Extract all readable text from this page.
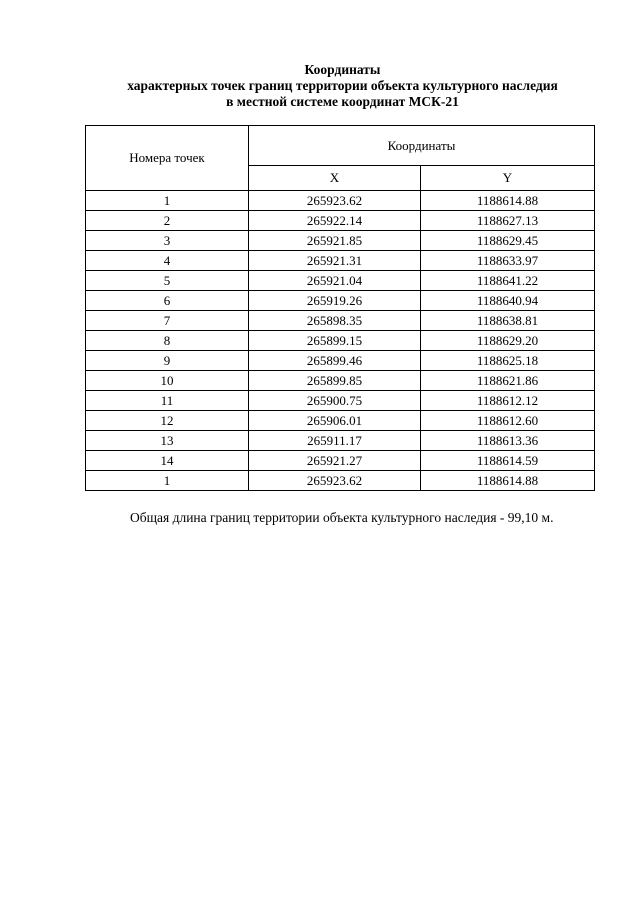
Координаты
характерных точек границ территории объекта культурного наследия
в местной системе координат МСК-21
Номера точек	Координаты	
	X	Y
1	265923.62	1188614.88
2	265922.14	1188627.13
3	265921.85	1188629.45
4	265921.31	1188633.97
5	265921.04	1188641.22
6	265919.26	1188640.94
7	265898.35	1188638.81
8	265899.15	1188629.20
9	265899.46	1188625.18
10	265899.85	1188621.86
11	265900.75	1188612.12
12	265906.01	1188612.60
13	265911.17	1188613.36
14	265921.27	1188614.59
1	265923.62	1188614.88
Общая длина границ территории объекта культурного наследия - 99,10 м.
